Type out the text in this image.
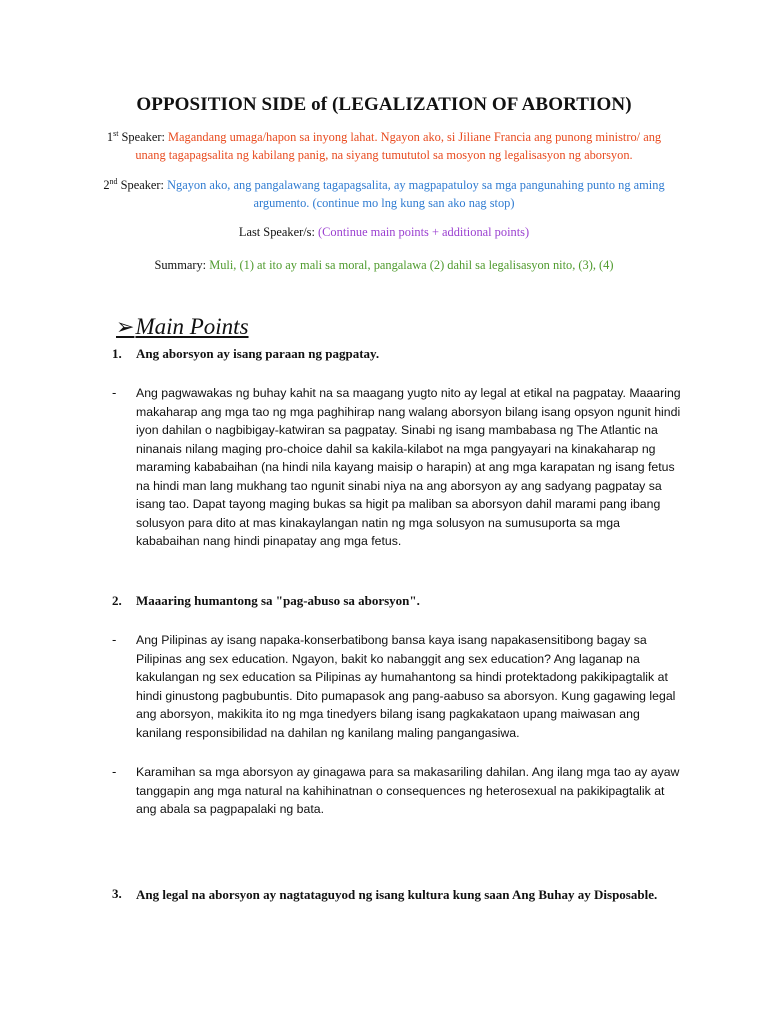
OPPOSITION SIDE of (LEGALIZATION OF ABORTION)
1st Speaker: Magandang umaga/hapon sa inyong lahat. Ngayon ako, si Jiliane Francia ang punong ministro/ ang unang tagapagsalita ng kabilang panig, na siyang tumututol sa mosyon ng legalisasyon ng aborsyon.
2nd Speaker: Ngayon ako, ang pangalawang tagapagsalita, ay magpapatuloy sa mga pangunahing punto ng aming argumento. (continue mo lng kung san ako nag stop)
Last Speaker/s: (Continue main points + additional points)
Summary: Muli, (1) at ito ay mali sa moral, pangalawa (2) dahil sa legalisasyon nito, (3), (4)
➢ Main Points
1. Ang aborsyon ay isang paraan ng pagpatay.
- Ang pagwawakas ng buhay kahit na sa maagang yugto nito ay legal at etikal na pagpatay. Maaaring makaharap ang mga tao ng mga paghihirap nang walang aborsyon bilang isang opsyon ngunit hindi iyon dahilan o nagbibigay-katwiran sa pagpatay. Sinabi ng isang mambabasa ng The Atlantic na ninanais nilang maging pro-choice dahil sa kakila-kilabot na mga pangyayari na kinakaharap ng maraming kababaihan (na hindi nila kayang maisip o harapin) at ang mga karapatan ng isang fetus na hindi man lang mukhang tao ngunit sinabi niya na ang aborsyon ay ang sadyang pagpatay sa isang tao. Dapat tayong maging bukas sa higit pa maliban sa aborsyon dahil marami pang ibang solusyon para dito at mas kinakaylangan natin ng mga solusyon na sumusuporta sa mga kababaihan nang hindi pinapatay ang mga fetus.
2. Maaaring humantong sa "pag-abuso sa aborsyon".
- Ang Pilipinas ay isang napaka-konserbatibong bansa kaya isang napakasensitibong bagay sa Pilipinas ang sex education. Ngayon, bakit ko nabanggit ang sex education? Ang laganap na kakulangan ng sex education sa Pilipinas ay humahantong sa hindi protektadong pakikipagtalik at hindi ginustong pagbubuntis. Dito pumapasok ang pang-aabuso sa aborsyon. Kung gagawing legal ang aborsyon, makikita ito ng mga tinedyers bilang isang pagkakataon upang maiwasan ang kanilang responsibilidad na dahilan ng kanilang maling pangangasiwa.
- Karamihan sa mga aborsyon ay ginagawa para sa makasariling dahilan. Ang ilang mga tao ay ayaw tanggapin ang mga natural na kahihinatnan o consequences ng heterosexual na pakikipagtalik at ang abala sa pagpapalaki ng bata.
3. Ang legal na aborsyon ay nagtataguyod ng isang kultura kung saan Ang Buhay ay Disposable.
